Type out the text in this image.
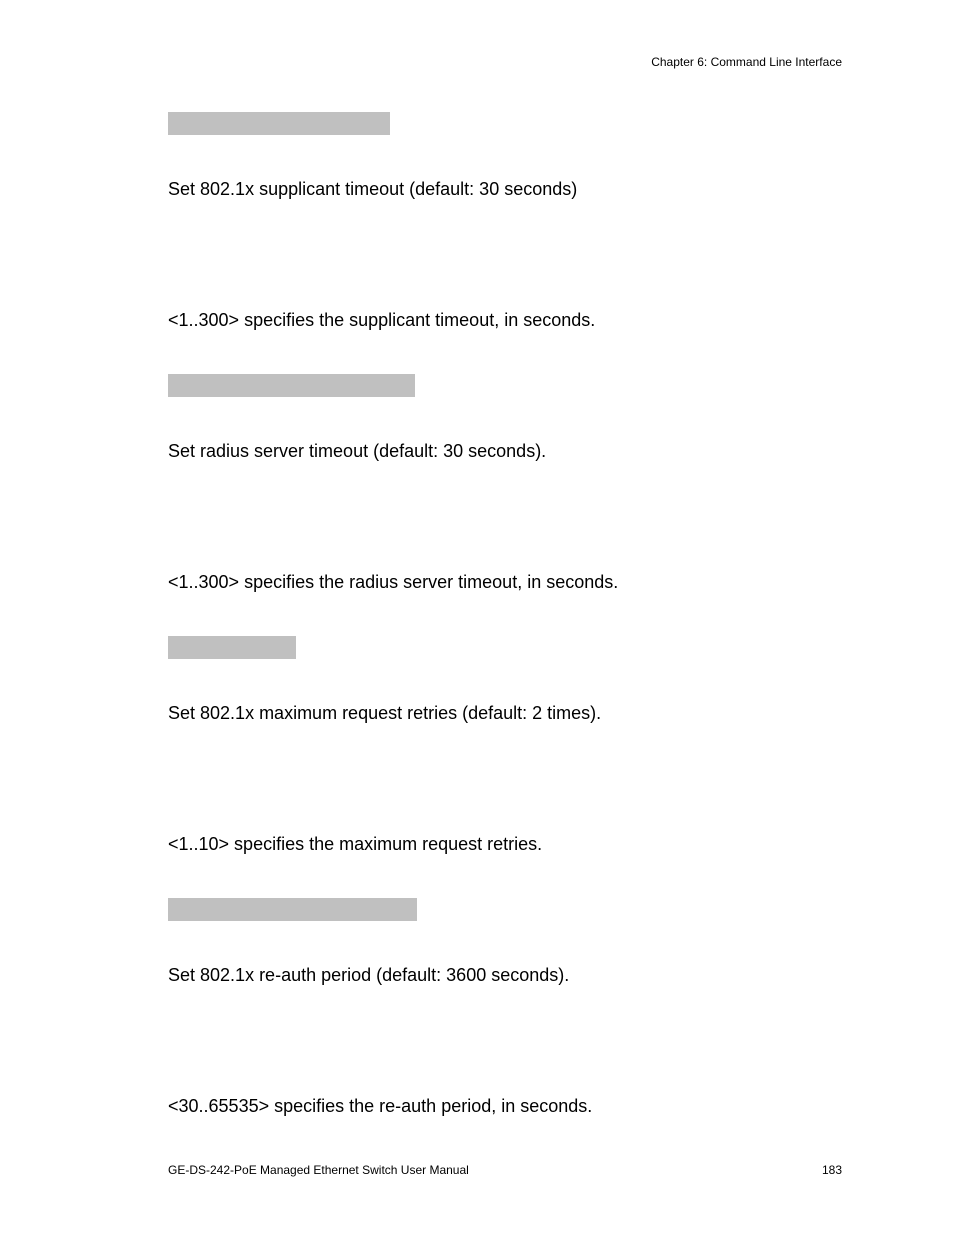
Chapter 6: Command Line Interface
Set 802.1x supplicant timeout (default: 30 seconds)
<1..300> specifies the supplicant timeout, in seconds.
Set radius server timeout (default: 30 seconds).
<1..300> specifies the radius server timeout, in seconds.
Set 802.1x maximum request retries (default: 2 times).
<1..10> specifies the maximum request retries.
Set 802.1x re-auth period (default: 3600 seconds).
<30..65535> specifies the re-auth period, in seconds.
GE-DS-242-PoE Managed Ethernet Switch User Manual	183
